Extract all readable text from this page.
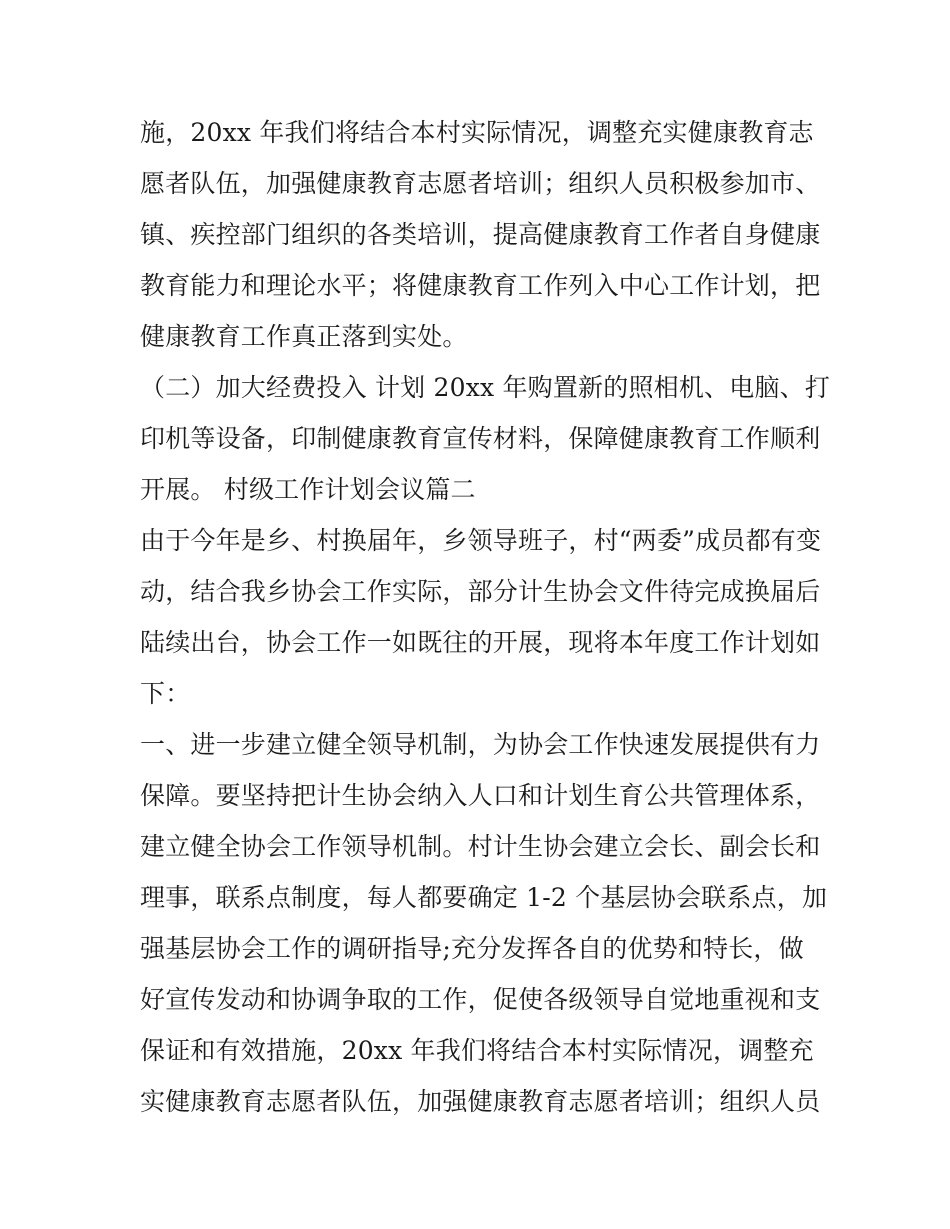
施，20xx 年我们将结合本村实际情况，调整充实健康教育志
愿者队伍，加强健康教育志愿者培训；组织人员积极参加市、
镇、疾控部门组织的各类培训，提高健康教育工作者自身健康
教育能力和理论水平；将健康教育工作列入中心工作计划，把
健康教育工作真正落到实处。
（二）加大经费投入 计划 20xx 年购置新的照相机、电脑、打
印机等设备，印制健康教育宣传材料，保障健康教育工作顺利
开展。 村级工作计划会议篇二
由于今年是乡、村换届年，乡领导班子，村“两委”成员都有变
动，结合我乡协会工作实际，部分计生协会文件待完成换届后
陆续出台，协会工作一如既往的开展，现将本年度工作计划如
下：
一、进一步建立健全领导机制，为协会工作快速发展提供有力
保障。要坚持把计生协会纳入人口和计划生育公共管理体系，
建立健全协会工作领导机制。村计生协会建立会长、副会长和
理事，联系点制度，每人都要确定 1-2 个基层协会联系点，加
强基层协会工作的调研指导;充分发挥各自的优势和特长，做
好宣传发动和协调争取的工作，促使各级领导自觉地重视和支
保证和有效措施，20xx 年我们将结合本村实际情况，调整充
实健康教育志愿者队伍，加强健康教育志愿者培训；组织人员
